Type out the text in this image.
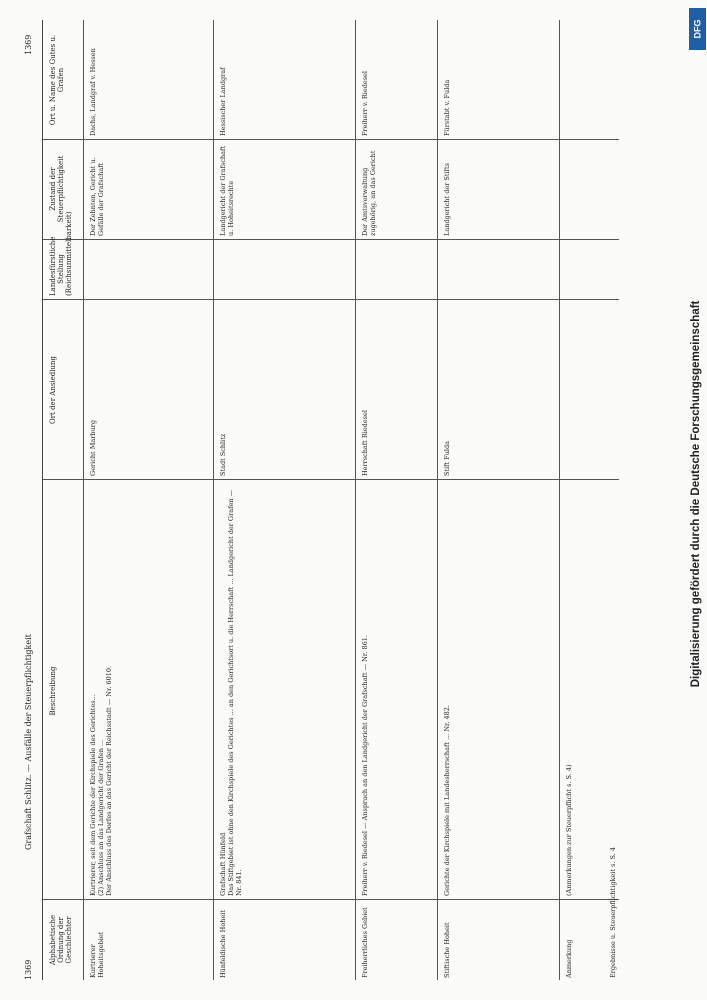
1369
Grafschaft Schlitz. — Ausfälle der Steuerpflichtigkeit
1369
Alphabetische Ordnung der Geschlechter
Beschreibung
Ort der Ansiedlung
Landesfürstliche Stellung (Reichsunmittelbarkeit)
Zustand der Steuerpflichtigkeit
Ort u. Name des Gutes u. Grafen
Kurtrierer Hoheitsgebiet
Kurtrierer, seit dem Gerichte der Kirchspiele des Gerichtes...
(2) Anschluss an das Landgericht der Grafen ...
Der Anschluss des Dorfes an das Gericht der Reichsstadt — Nr. 6010.
Gericht Marburg
Der Zehnten, Gericht u. Gefälle der Grafschaft
Dachs, Landgraf v. Hessen
Hünfeldische Hoheit
Grafschaft Hünfeld
Das Stiftgebiet ist ohne den Kirchspiele des Gerichtes ... an den Gerichtsort u. die Herrschaft ... Landgericht der Grafen — Nr. 841.
Stadt Schlitz
Landgericht der Grafschaft u. Hoheitsrechte
Hessischer Landgraf
Freiherrliches Gebiet
Freiherr v. Riedesel — Anspruch an den Landgericht der Grafschaft — Nr. 861.
Herrschaft Riedesel
Der Amtsverwaltung zugehörig, an das Gericht
Freiherr v. Riedesel
Stiftische Hoheit
Gerichte der Kirchspiele mit Landesherrschaft ... Nr. 482.
Stift Fulda
Landgericht der Stifts
Fürstabt v. Fulda
Anmerkung
(Anmerkungen zur Steuerpflicht s. S. 4)
Ergebnisse u. Steuerpflichtigkeit s. S. 4
Digitalisierung gefördert durch die Deutsche Forschungsgemeinschaft
DFG
